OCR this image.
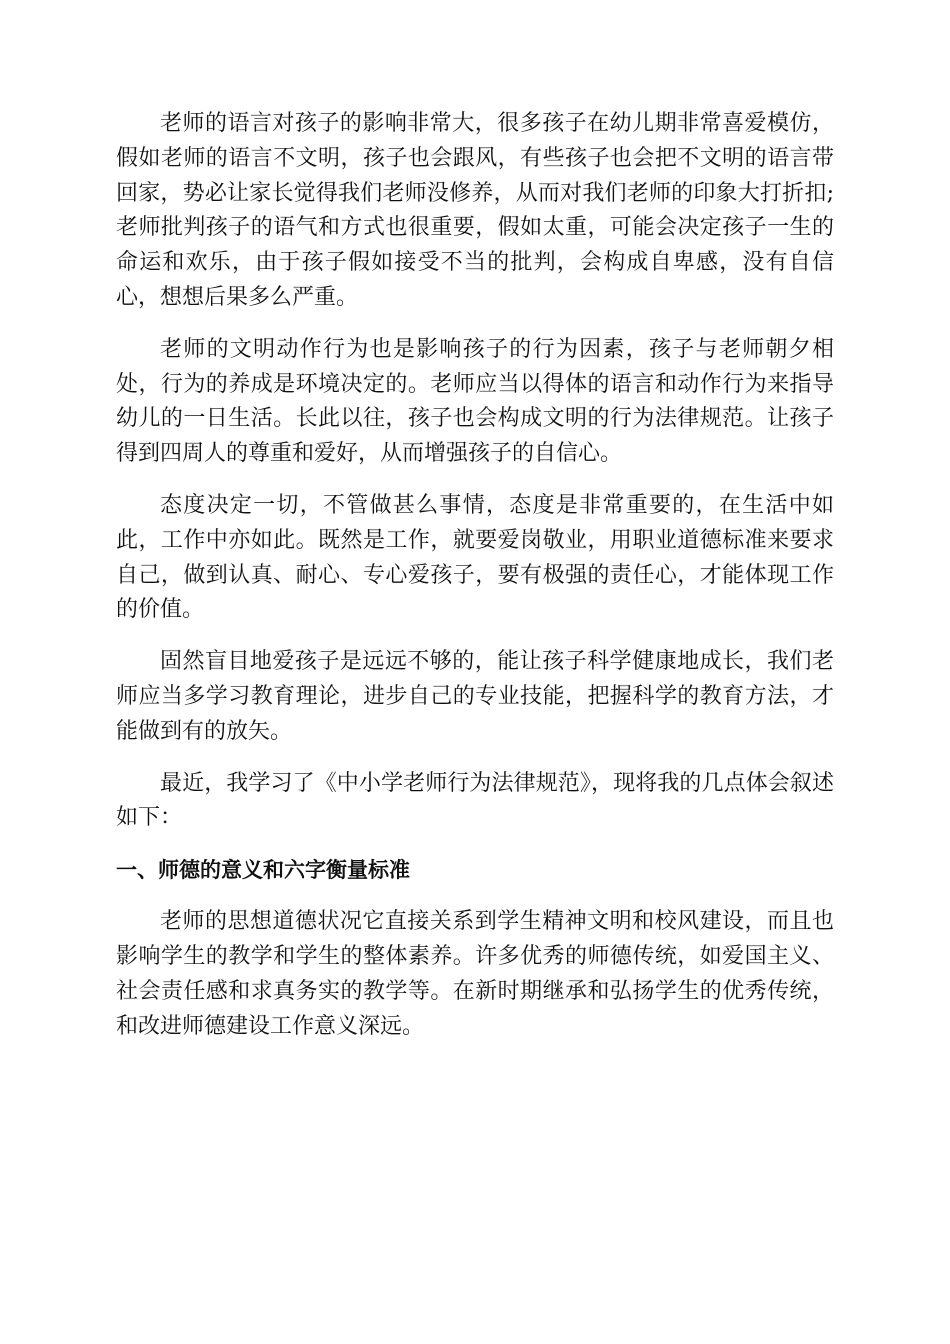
老师的语言对孩子的影响非常大，很多孩子在幼儿期非常喜爱模仿，假如老师的语言不文明，孩子也会跟风，有些孩子也会把不文明的语言带回家，势必让家长觉得我们老师没修养，从而对我们老师的印象大打折扣;老师批判孩子的语气和方式也很重要，假如太重，可能会决定孩子一生的命运和欢乐，由于孩子假如接受不当的批判，会构成自卑感，没有自信心，想想后果多么严重。

老师的文明动作行为也是影响孩子的行为因素，孩子与老师朝夕相处，行为的养成是环境决定的。老师应当以得体的语言和动作行为来指导幼儿的一日生活。长此以往，孩子也会构成文明的行为法律规范。让孩子得到四周人的尊重和爱好，从而增强孩子的自信心。

态度决定一切，不管做甚么事情，态度是非常重要的，在生活中如此，工作中亦如此。既然是工作，就要爱岗敬业，用职业道德标准来要求自己，做到认真、耐心、专心爱孩子，要有极强的责任心，才能体现工作的价值。

固然盲目地爱孩子是远远不够的，能让孩子科学健康地成长，我们老师应当多学习教育理论，进步自己的专业技能，把握科学的教育方法，才能做到有的放矢。

最近，我学习了《中小学老师行为法律规范》，现将我的几点体会叙述如下：

一、师德的意义和六字衡量标准

老师的思想道德状况它直接关系到学生精神文明和校风建设，而且也影响学生的教学和学生的整体素养。许多优秀的师德传统，如爱国主义、社会责任感和求真务实的教学等。在新时期继承和弘扬学生的优秀传统，和改进师德建设工作意义深远。
